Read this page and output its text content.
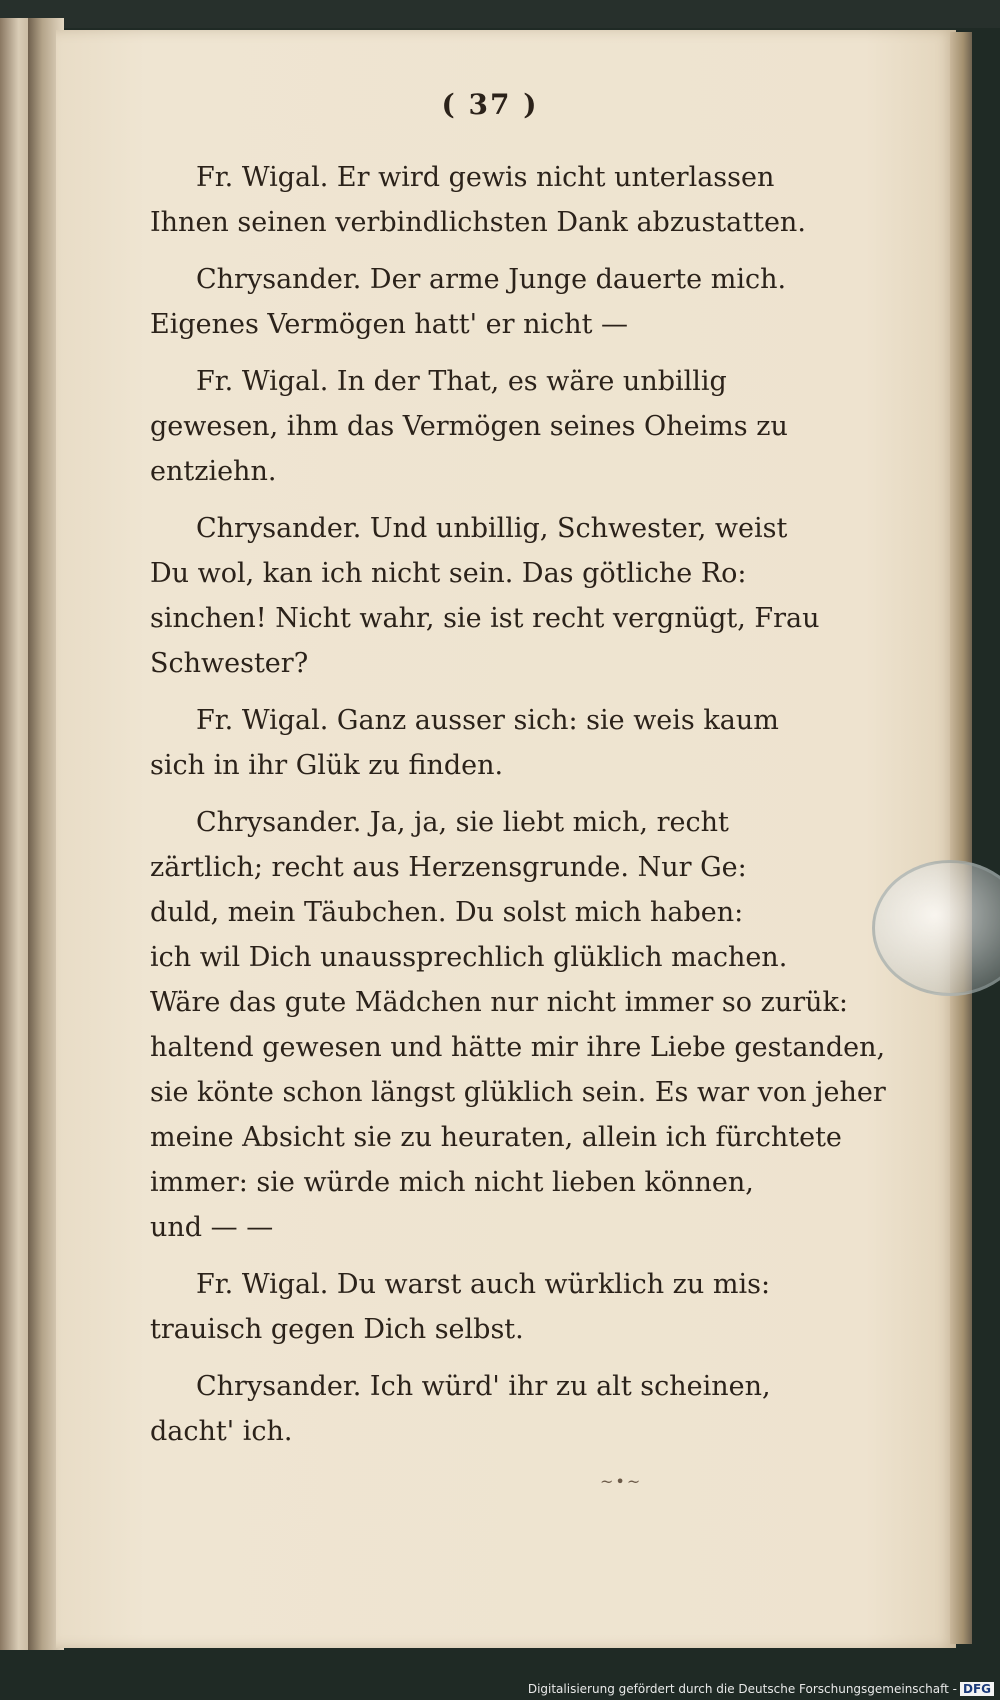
( 37 )
Fr. Wigal. Er wird gewis nicht unterlassen
Ihnen seinen verbindlichsten Dank abzustatten.
Chrysander. Der arme Junge dauerte mich.
Eigenes Vermögen hatt' er nicht —
Fr. Wigal. In der That, es wäre unbillig
gewesen, ihm das Vermögen seines Oheims zu
entziehn.
Chrysander. Und unbillig, Schwester, weist
Du wol, kan ich nicht sein. Das götliche Ro:
sinchen! Nicht wahr, sie ist recht vergnügt, Frau
Schwester?
Fr. Wigal. Ganz ausser sich: sie weis kaum
sich in ihr Glük zu finden.
Chrysander. Ja, ja, sie liebt mich, recht
zärtlich; recht aus Herzensgrunde. Nur Ge:
duld, mein Täubchen. Du solst mich haben:
ich wil Dich unaussprechlich glüklich machen.
Wäre das gute Mädchen nur nicht immer so zurük:
haltend gewesen und hätte mir ihre Liebe gestanden,
sie könte schon längst glüklich sein. Es war von jeher
meine Absicht sie zu heuraten, allein ich fürchtete
immer: sie würde mich nicht lieben können,
und — —
Fr. Wigal. Du warst auch würklich zu mis:
trauisch gegen Dich selbst.
Chrysander. Ich würd' ihr zu alt scheinen,
dacht' ich.
~•~
Digitalisierung gefördert durch die Deutsche Forschungsgemeinschaft - DFG
